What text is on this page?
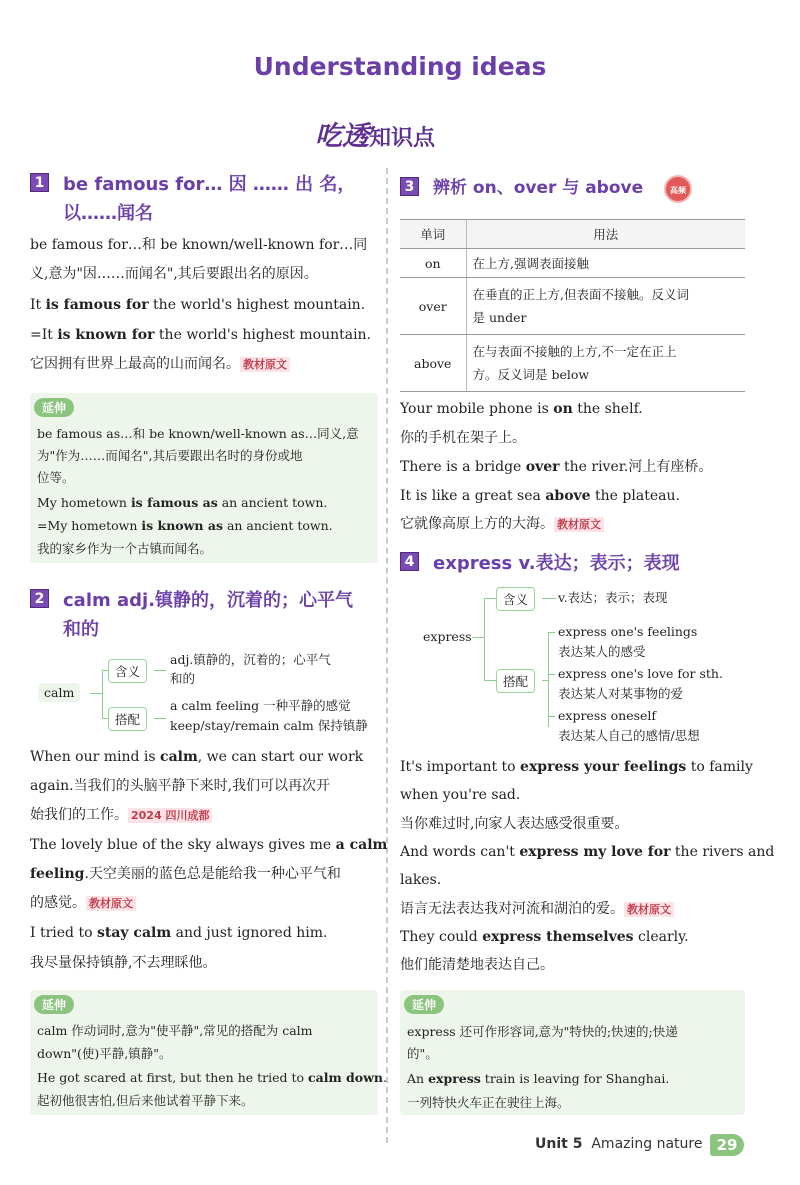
Understanding ideas
吃透知识点
1 be famous for… 因 …… 出 名，
以……闻名
be famous for…和 be known/well-known for…同
义,意为"因……而闻名",其后要跟出名的原因。
It is famous for the world's highest mountain.
=It is known for the world's highest mountain.
它因拥有世界上最高的山而闻名。 教材原文
延伸
be famous as…和 be known/well-known as…同义,意
为"作为……而闻名",其后要跟出名时的身份或地
位等。
My hometown is famous as an ancient town.
=My hometown is known as an ancient town.
我的家乡作为一个古镇而闻名。
2 calm adj.镇静的，沉着的；心平气
和的
calm
含义
搭配
adj.镇静的，沉着的；心平气
和的
a calm feeling 一种平静的感觉
keep/stay/remain calm 保持镇静
When our mind is calm, we can start our work
again.当我们的头脑平静下来时,我们可以再次开
始我们的工作。 2024 四川成都
The lovely blue of the sky always gives me a calm
feeling.天空美丽的蓝色总是能给我一种心平气和
的感觉。 教材原文
I tried to stay calm and just ignored him.
我尽量保持镇静,不去理睬他。
延伸
calm 作动词时,意为"使平静",常见的搭配为 calm
down"(使)平静,镇静"。
He got scared at first, but then he tried to calm down.
起初他很害怕,但后来他试着平静下来。
3 辨析 on、over 与 above	高频
单词	用法
on	在上方,强调表面接触

over	在垂直的正上方,但表面不接触。反义词
是 under

above	在与表面不接触的上方,不一定在正上
方。反义词是 below
Your mobile phone is on the shelf.
你的手机在架子上。
There is a bridge over the river.河上有座桥。
It is like a great sea above the plateau.
它就像高原上方的大海。 教材原文
4 express v.表达；表示；表现
express
含义
搭配
v.表达；表示；表现
express one's feelings
表达某人的感受
express one's love for sth.
表达某人对某事物的爱
express oneself
表达某人自己的感情/思想
It's important to express your feelings to family
when you're sad.
当你难过时,向家人表达感受很重要。
And words can't express my love for the rivers and
lakes.
语言无法表达我对河流和湖泊的爱。 教材原文
They could express themselves clearly.
他们能清楚地表达自己。
延伸
express 还可作形容词,意为"特快的;快速的;快递
的"。
An express train is leaving for Shanghai.
一列特快火车正在驶往上海。
Unit 5 Amazing nature 29
